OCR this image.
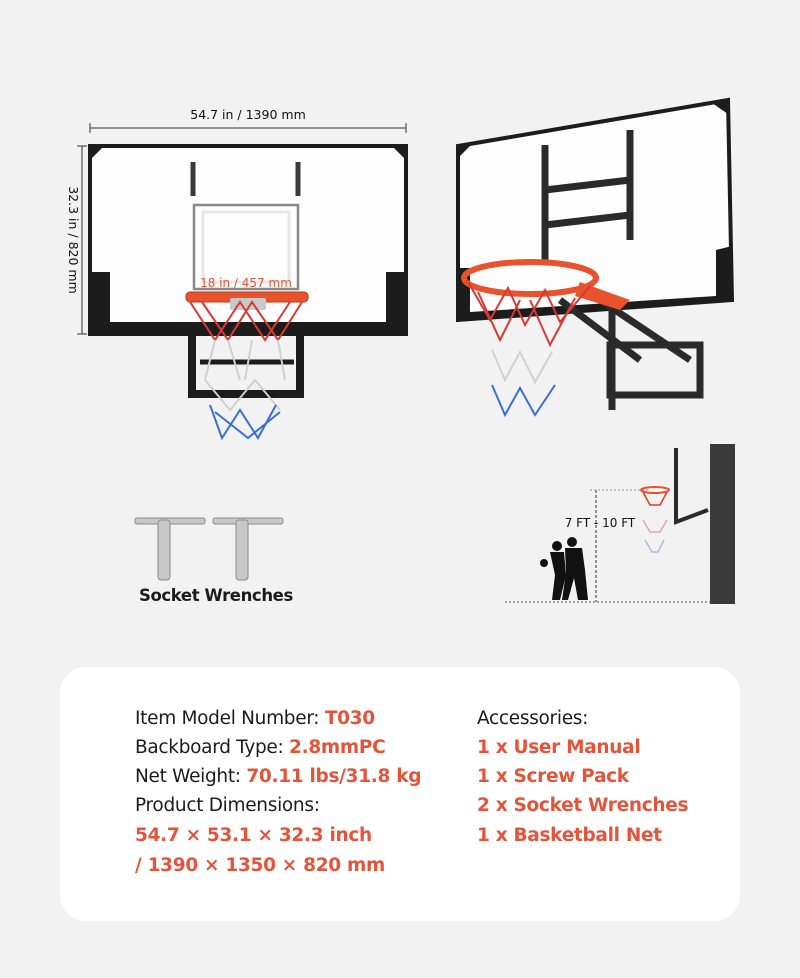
18 in / 457 mm
54.7 in / 1390 mm
32.3 in / 820 mm
Socket Wrenches
7 FT - 10 FT
Item Model Number: T030
Backboard Type: 2.8mmPC
Net Weight: 70.11 lbs/31.8 kg
Product Dimensions:
54.7 × 53.1 × 32.3 inch
/ 1390 × 1350 × 820 mm
Accessories:
1 x User Manual
1 x Screw Pack
2 x Socket Wrenches
1 x Basketball Net
